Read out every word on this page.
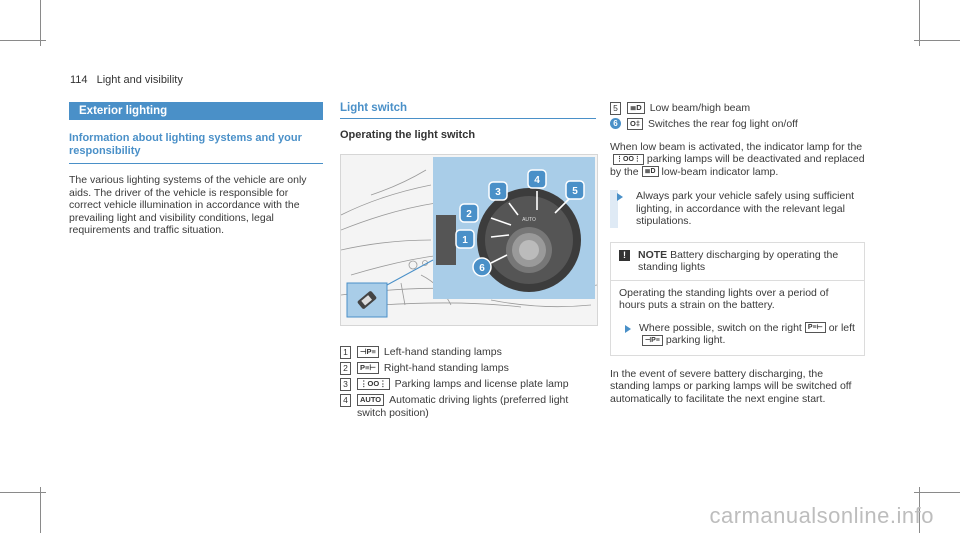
114 Light and visibility
Exterior lighting
Information about lighting systems and your responsibility

The various lighting systems of the vehicle are only aids. The driver of the vehicle is responsible for correct vehicle illumination in accordance with the prevailing light and visibility conditions, legal requirements and traffic situation.

Light switch
Operating the light switch
1
2
3
4
5
6
AUTO
1	⊣P≡ Left-hand standing lamps
2	P≡⊢ Right-hand standing lamps
3	⋮OO⋮ Parking lamps and license plate lamp
4	AUTO Automatic driving lights (preferred light switch position)
5	≣D Low beam/high beam
6	O‡ Switches the rear fog light on/off

When low beam is activated, the indicator lamp for the⋮OO⋮ parking lamps will be deactivated and replaced by the ≣D low-beam indicator lamp.

Always park your vehicle safely using sufficient lighting, in accordance with the relevant legal stipulations.

!	NOTE Battery discharging by operating the standing lights

Operating the standing lights over a period of hours puts a strain on the battery.

Where possible, switch on the right P≡⊢ or left⊣P≡ parking light.

In the event of severe battery discharging, the standing lamps or parking lamps will be switched off automatically to facilitate the next engine start.

carmanualsonline.info
